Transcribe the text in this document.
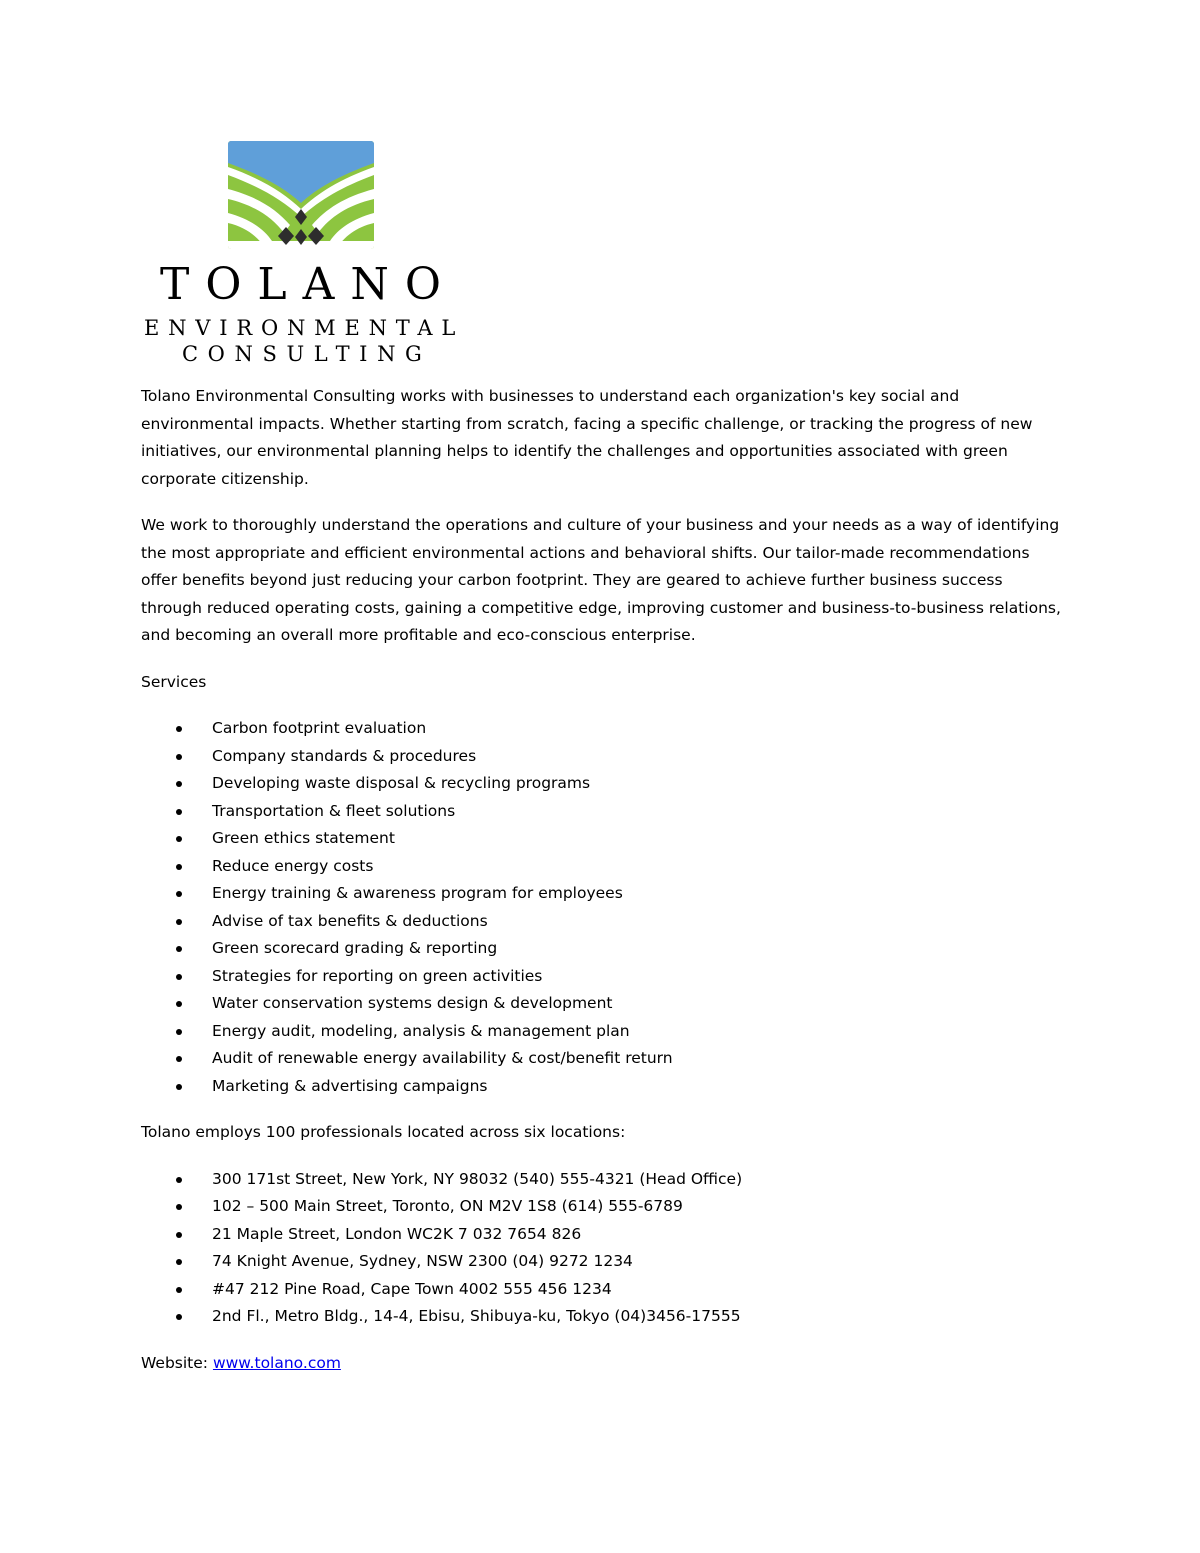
TOLANO
ENVIRONMENTAL
CONSULTING

Tolano Environmental Consulting works with businesses to understand each organization's key social and environmental impacts. Whether starting from scratch, facing a specific challenge, or tracking the progress of new initiatives, our environmental planning helps to identify the challenges and opportunities associated with green corporate citizenship.

We work to thoroughly understand the operations and culture of your business and your needs as a way of identifying the most appropriate and efficient environmental actions and behavioral shifts. Our tailor-made recommendations offer benefits beyond just reducing your carbon footprint. They are geared to achieve further business success through reduced operating costs, gaining a competitive edge, improving customer and business-to-business relations, and becoming an overall more profitable and eco-conscious enterprise.

Services
Carbon footprint evaluation
Company standards & procedures
Developing waste disposal & recycling programs
Transportation & fleet solutions
Green ethics statement
Reduce energy costs
Energy training & awareness program for employees
Advise of tax benefits & deductions
Green scorecard grading & reporting
Strategies for reporting on green activities
Water conservation systems design & development
Energy audit, modeling, analysis & management plan
Audit of renewable energy availability & cost/benefit return
Marketing & advertising campaigns
Tolano employs 100 professionals located across six locations:
300 171st Street, New York, NY 98032 (540) 555-4321 (Head Office)
102 – 500 Main Street, Toronto, ON M2V 1S8 (614) 555-6789
21 Maple Street, London WC2K 7 032 7654 826
74 Knight Avenue, Sydney, NSW 2300 (04) 9272 1234
#47 212 Pine Road, Cape Town 4002 555 456 1234
2nd Fl., Metro Bldg., 14-4, Ebisu, Shibuya-ku, Tokyo (04)3456-17555
Website: www.tolano.com
